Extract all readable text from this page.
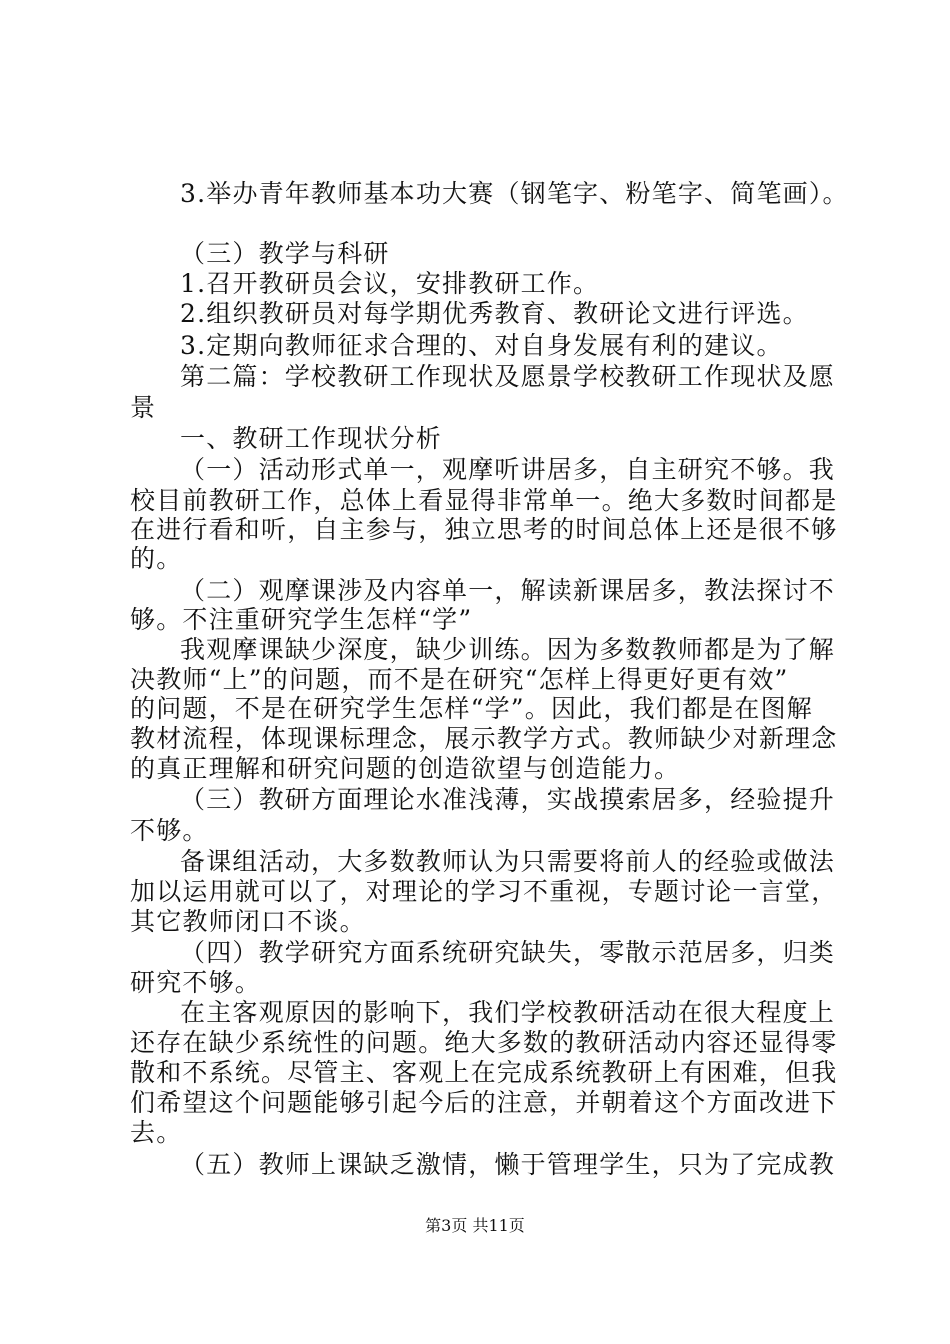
3.举办青年教师基本功大赛（钢笔字、粉笔字、简笔画）。
（三）教学与科研
1.召开教研员会议，安排教研工作。
2.组织教研员对每学期优秀教育、教研论文进行评选。
3.定期向教师征求合理的、对自身发展有利的建议。
第二篇：学校教研工作现状及愿景学校教研工作现状及愿
景
一、教研工作现状分析
（一）活动形式单一，观摩听讲居多，自主研究不够。我
校目前教研工作，总体上看显得非常单一。绝大多数时间都是
在进行看和听，自主参与，独立思考的时间总体上还是很不够
的。
（二）观摩课涉及内容单一，解读新课居多，教法探讨不
够。不注重研究学生怎样“学”
我观摩课缺少深度，缺少训练。因为多数教师都是为了解
决教师“上”的问题，而不是在研究“怎样上得更好更有效”
的问题，不是在研究学生怎样“学”。因此，我们都是在图解
教材流程，体现课标理念，展示教学方式。教师缺少对新理念
的真正理解和研究问题的创造欲望与创造能力。
（三）教研方面理论水准浅薄，实战摸索居多，经验提升
不够。
备课组活动，大多数教师认为只需要将前人的经验或做法
加以运用就可以了，对理论的学习不重视，专题讨论一言堂，
其它教师闭口不谈。
（四）教学研究方面系统研究缺失，零散示范居多，归类
研究不够。
在主客观原因的影响下，我们学校教研活动在很大程度上
还存在缺少系统性的问题。绝大多数的教研活动内容还显得零
散和不系统。尽管主、客观上在完成系统教研上有困难，但我
们希望这个问题能够引起今后的注意，并朝着这个方面改进下
去。
（五）教师上课缺乏激情，懒于管理学生，只为了完成教
第3页 共11页
